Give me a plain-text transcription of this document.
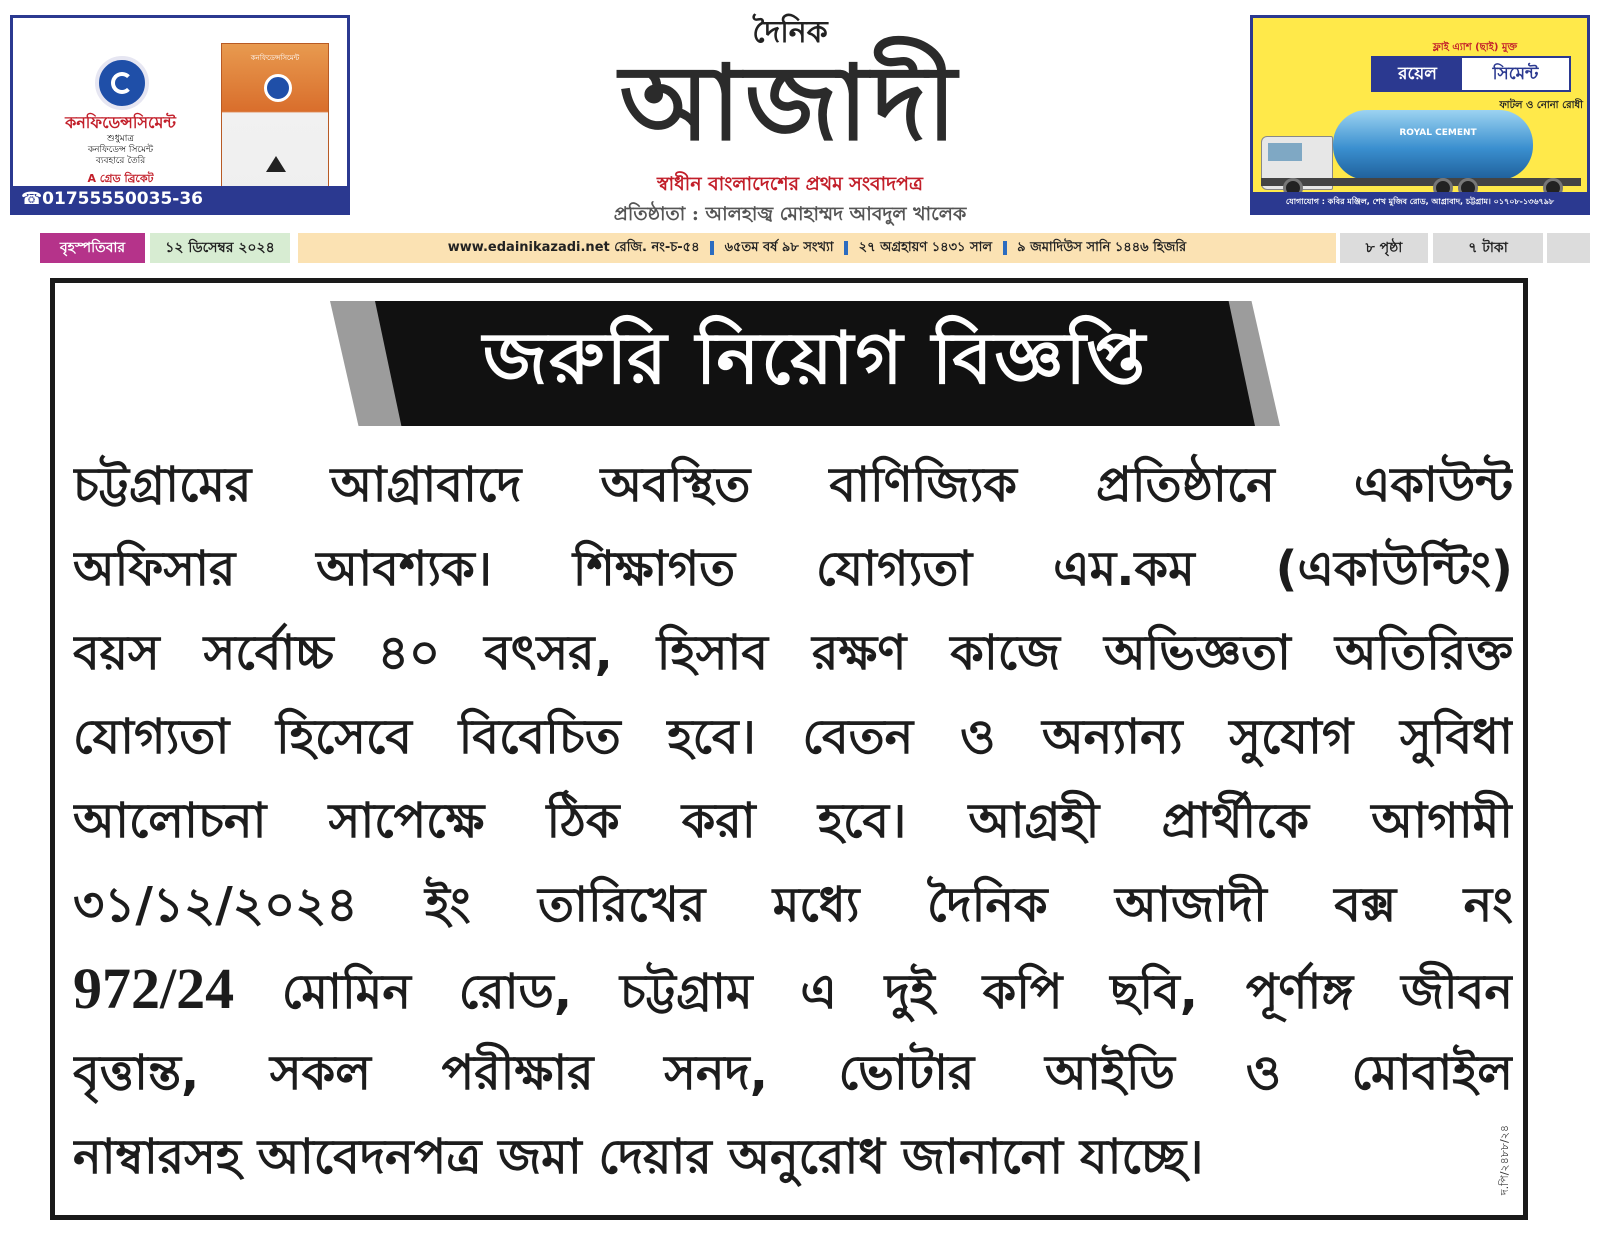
কনফিডেন্সসিমেন্ট
শুধুমাত্র
কনফিডেন্স সিমেন্ট
ব্যবহারে তৈরি
A গ্রেড ব্রিকেট
কনফিডেন্সসিমেন্ট
☎01755550035-36
দৈনিক
আজাদী
স্বাধীন বাংলাদেশের প্রথম সংবাদপত্র
প্রতিষ্ঠাতা : আলহাজ্ব মোহাম্মদ আবদুল খালেক
ফ্লাই এ্যাশ (ছাই) মুক্ত
রয়েল	সিমেন্ট
ফাটল ও নোনা রোধী
ROYAL CEMENT
যোগাযোগ : কবির মঞ্জিল, শেখ মুজিব রোড, আগ্রাবাদ, চট্টগ্রাম। ০১৭০৮-১৩৬৭৯৮
বৃহস্পতিবার	১২ ডিসেম্বর ২০২৪	www.edainikazadi.net রেজি. নং-চ-৫৪ ৬৫তম বর্ষ ৯৮ সংখ্যা ২৭ অগ্রহায়ণ ১৪৩১ সাল ৯ জমাদিউস সানি ১৪৪৬ হিজরি	৮ পৃষ্ঠা	৭ টাকা
জরুরি নিয়োগ বিজ্ঞপ্তি
চট্টগ্রামের আগ্রাবাদে অবস্থিত বাণিজ্যিক প্রতিষ্ঠানে একাউন্ট
অফিসার আবশ্যক। শিক্ষাগত যোগ্যতা এম.কম (একাউন্টিং)
বয়স সর্বোচ্চ ৪০ বৎসর, হিসাব রক্ষণ কাজে অভিজ্ঞতা অতিরিক্ত
যোগ্যতা হিসেবে বিবেচিত হবে। বেতন ও অন্যান্য সুযোগ সুবিধা
আলোচনা সাপেক্ষে ঠিক করা হবে। আগ্রহী প্রার্থীকে আগামী
৩১/১২/২০২৪ ইং তারিখের মধ্যে দৈনিক আজাদী বক্স নং
972/24 মোমিন রোড, চট্টগ্রাম এ দুই কপি ছবি, পূর্ণাঙ্গ জীবন
বৃত্তান্ত, সকল পরীক্ষার সনদ, ভোটার আইডি ও মোবাইল
নাম্বারসহ আবেদনপত্র জমা দেয়ার অনুরোধ জানানো যাচ্ছে।	দ.পি/২৪৮৮/২৪
